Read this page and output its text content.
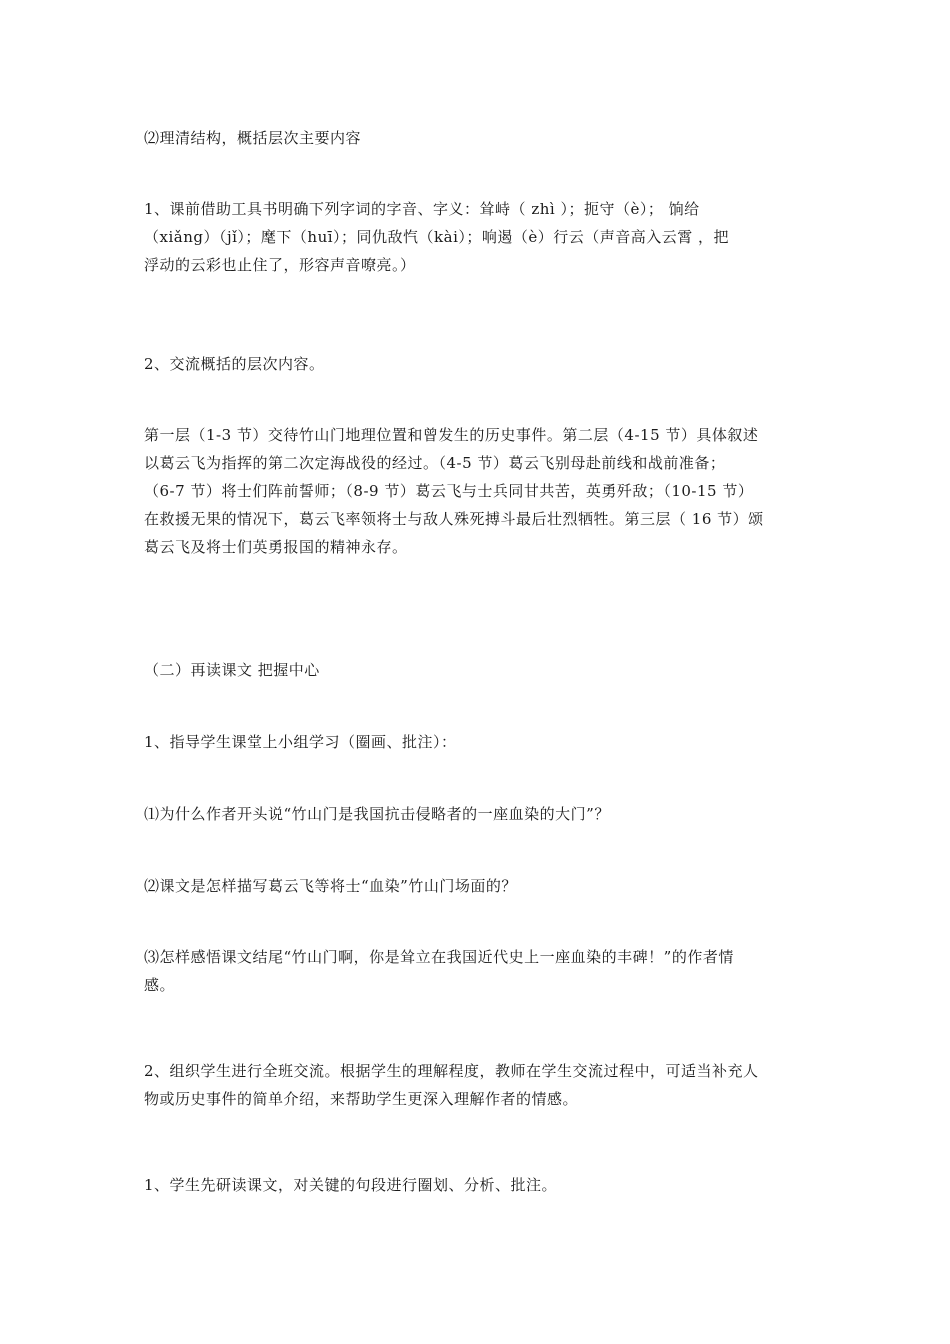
⑵理清结构，概括层次主要内容

1、课前借助工具书明确下列字词的字音、字义：耸峙（ zhì ）；扼守（è）； 饷给
（xiǎng）（jǐ）；麾下（huī）；同仇敌忾（kài）；响遏（è）行云（声音高入云霄 ，把
浮动的云彩也止住了，形容声音嘹亮。）

2、交流概括的层次内容。

第一层（1-3 节）交待竹山门地理位置和曾发生的历史事件。第二层（4-15 节）具体叙述
以葛云飞为指挥的第二次定海战役的经过。（4-5 节）葛云飞别母赴前线和战前准备；
（6-7 节）将士们阵前誓师；（8-9 节）葛云飞与士兵同甘共苦，英勇歼敌；（10-15 节）
在救援无果的情况下，葛云飞率领将士与敌人殊死搏斗最后壮烈牺牲。第三层（ 16 节）颂
葛云飞及将士们英勇报国的精神永存。

（二）再读课文 把握中心

1、指导学生课堂上小组学习（圈画、批注）：

⑴为什么作者开头说“竹山门是我国抗击侵略者的一座血染的大门”？

⑵课文是怎样描写葛云飞等将士“血染”竹山门场面的？

⑶怎样感悟课文结尾“竹山门啊，你是耸立在我国近代史上一座血染的丰碑！”的作者情
感。

2、组织学生进行全班交流。根据学生的理解程度，教师在学生交流过程中，可适当补充人
物或历史事件的简单介绍，来帮助学生更深入理解作者的情感。

1、学生先研读课文，对关键的句段进行圈划、分析、批注。
